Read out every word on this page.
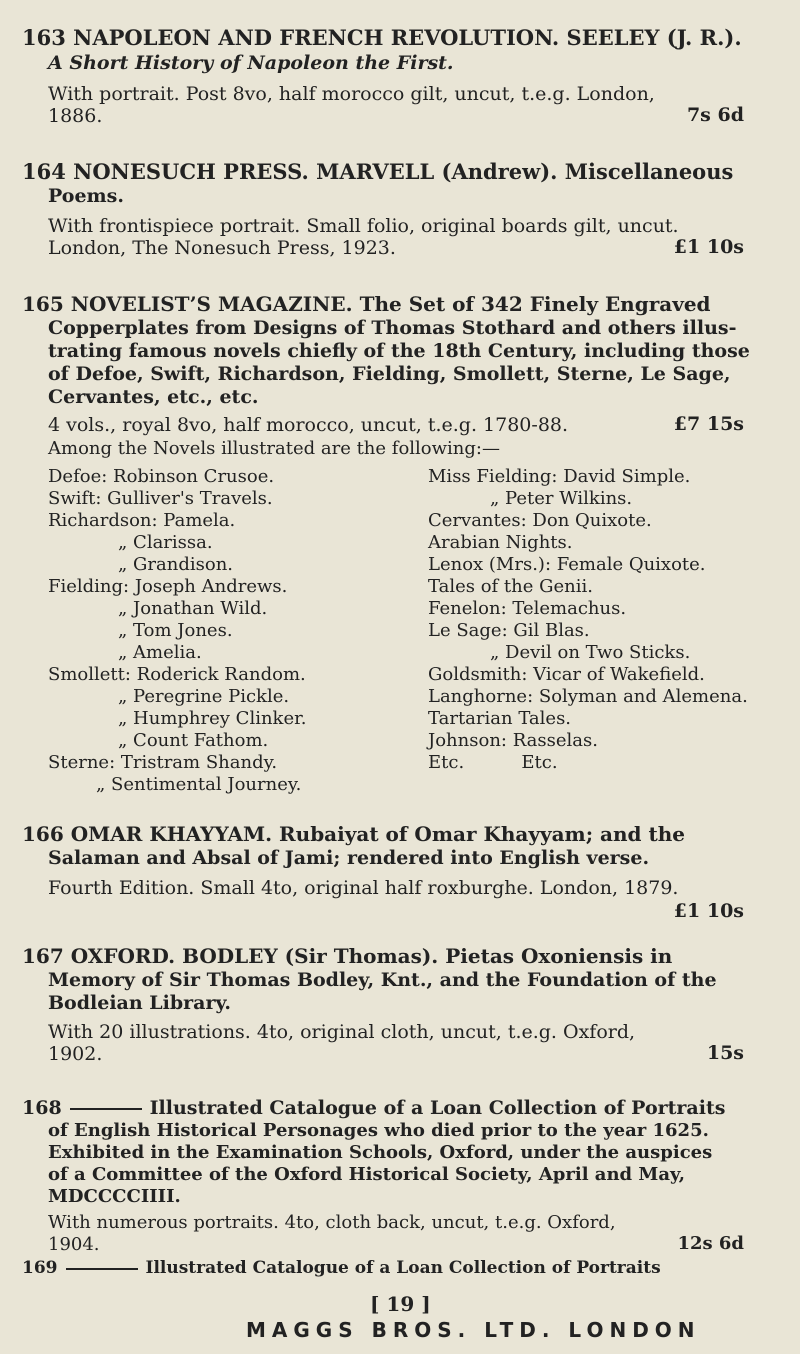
163 NAPOLEON AND FRENCH REVOLUTION. SEELEY (J. R.).
A Short History of Napoleon the First.
With portrait. Post 8vo, half morocco gilt, uncut, t.e.g. London,
1886.	7s 6d
164 NONESUCH PRESS. MARVELL (Andrew). Miscellaneous
Poems.
With frontispiece portrait. Small folio, original boards gilt, uncut.
London, The Nonesuch Press, 1923.	£1 10s
165 NOVELIST’S MAGAZINE. The Set of 342 Finely Engraved
Copperplates from Designs of Thomas Stothard and others illus-
trating famous novels chiefly of the 18th Century, including those
of Defoe, Swift, Richardson, Fielding, Smollett, Sterne, Le Sage,
Cervantes, etc., etc.
4 vols., royal 8vo, half morocco, uncut, t.e.g. 1780-88.	£7 15s
Among the Novels illustrated are the following:—
Defoe: Robinson Crusoe.
Swift: Gulliver's Travels.
Richardson: Pamela.
„ Clarissa.
„ Grandison.
Fielding: Joseph Andrews.
„ Jonathan Wild.
„ Tom Jones.
„ Amelia.
Smollett: Roderick Random.
„ Peregrine Pickle.
„ Humphrey Clinker.
„ Count Fathom.
Sterne: Tristram Shandy.
„ Sentimental Journey.
Miss Fielding: David Simple.
„ Peter Wilkins.
Cervantes: Don Quixote.
Arabian Nights.
Lenox (Mrs.): Female Quixote.
Tales of the Genii.
Fenelon: Telemachus.
Le Sage: Gil Blas.
„ Devil on Two Sticks.
Goldsmith: Vicar of Wakefield.
Langhorne: Solyman and Alemena.
Tartarian Tales.
Johnson: Rasselas.
Etc.          Etc.
166 OMAR KHAYYAM. Rubaiyat of Omar Khayyam; and the
Salaman and Absal of Jami; rendered into English verse.
Fourth Edition. Small 4to, original half roxburghe. London, 1879.
£1 10s
167 OXFORD. BODLEY (Sir Thomas). Pietas Oxoniensis in
Memory of Sir Thomas Bodley, Knt., and the Foundation of the
Bodleian Library.
With 20 illustrations. 4to, original cloth, uncut, t.e.g. Oxford,
1902.	15s
168	Illustrated Catalogue of a Loan Collection of Portraits
of English Historical Personages who died prior to the year 1625.
Exhibited in the Examination Schools, Oxford, under the auspices
of a Committee of the Oxford Historical Society, April and May,
MDCCCCIIII.
With numerous portraits. 4to, cloth back, uncut, t.e.g. Oxford,
1904.	12s 6d
[ 19 ]
MAGGS BROS. LTD. LONDON
169	Illustrated Catalogue of a Loan Collection of Portraits
